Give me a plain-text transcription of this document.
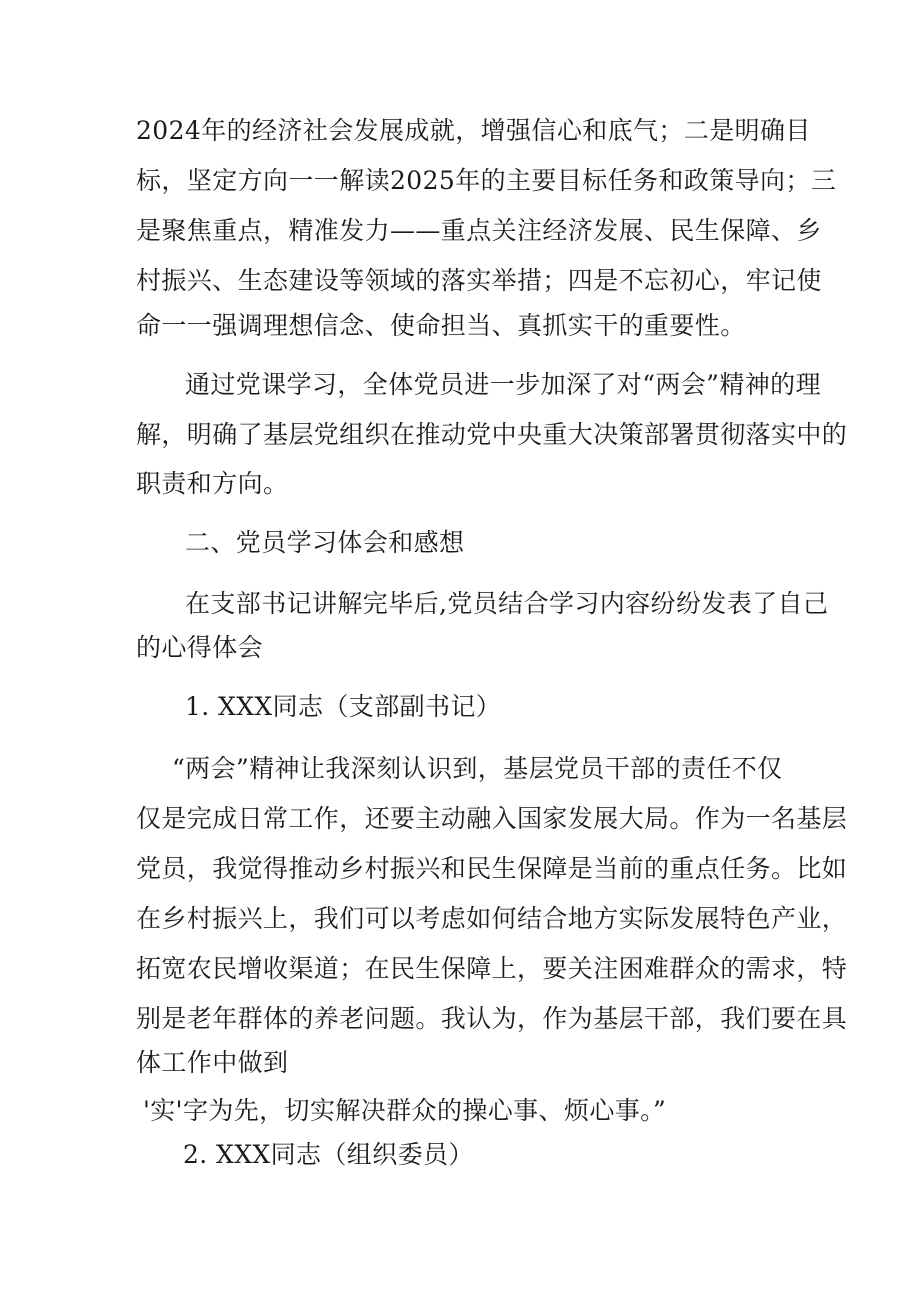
2024年的经济社会发展成就，增强信心和底气；二是明确目
标，坚定方向一一解读2025年的主要目标任务和政策导向；三
是聚焦重点，精准发力——重点关注经济发展、民生保障、乡
村振兴、生态建设等领域的落实举措；四是不忘初心，牢记使
命一一强调理想信念、使命担当、真抓实干的重要性。
通过党课学习，全体党员进一步加深了对“两会”精神的理
解，明确了基层党组织在推动党中央重大决策部署贯彻落实中的
职责和方向。
二、党员学习体会和感想
在支部书记讲解完毕后,党员结合学习内容纷纷发表了自己
的心得体会
1. XXX同志（支部副书记）
“两会”精神让我深刻认识到，基层党员干部的责任不仅
仅是完成日常工作，还要主动融入国家发展大局。作为一名基层
党员，我觉得推动乡村振兴和民生保障是当前的重点任务。比如
在乡村振兴上，我们可以考虑如何结合地方实际发展特色产业，
拓宽农民增收渠道；在民生保障上，要关注困难群众的需求，特
别是老年群体的养老问题。我认为，作为基层干部，我们要在具
体工作中做到
'实'字为先，切实解决群众的操心事、烦心事。”
2. XXX同志（组织委员）
